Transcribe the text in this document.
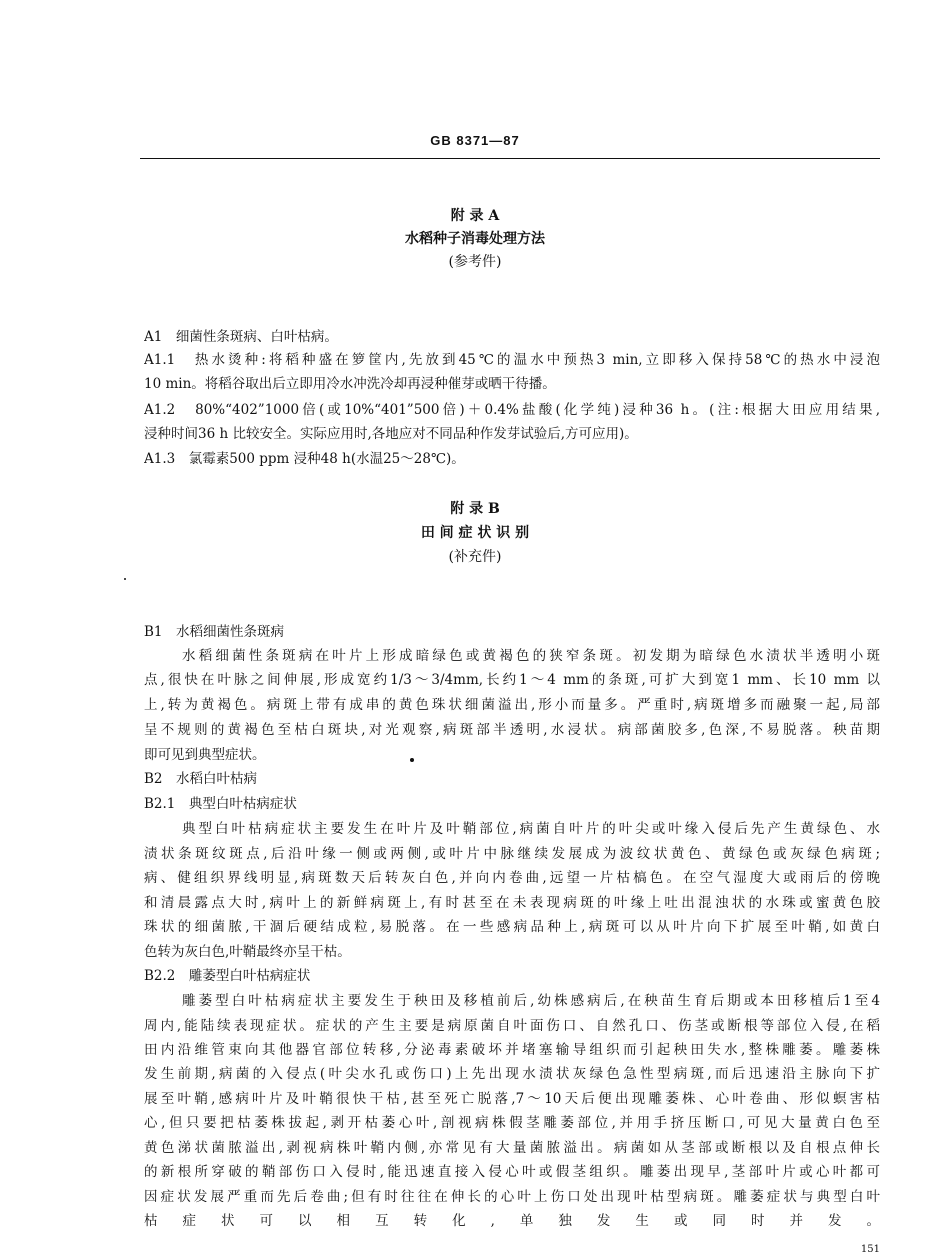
GB 8371—87
附 录 A
水稻种子消毒处理方法
(参考件)
A1　细菌性条斑病、白叶枯病。
A1.1　热水烫种:将稻种盛在箩筐内,先放到45℃的温水中预热3 min,立即移入保持58℃的热水中浸泡
10 min。将稻谷取出后立即用冷水冲洗冷却再浸种催芽或晒干待播。
A1.2　80%“402”1000倍(或10%“401”500倍)＋0.4%盐酸(化学纯)浸种36 h。(注:根据大田应用结果,
浸种时间36 h 比较安全。实际应用时,各地应对不同品种作发芽试验后,方可应用)。
A1.3　氯霉素500 ppm 浸种48 h(水温25～28℃)。
附 录 B
田 间 症 状 识 别
(补充件)
B1　水稻细菌性条斑病
水稻细菌性条斑病在叶片上形成暗绿色或黄褐色的狭窄条斑。初发期为暗绿色水渍状半透明小斑
点,很快在叶脉之间伸展,形成宽约1/3～3/4mm,长约1～4 mm的条斑,可扩大到宽1 mm、长10 mm 以
上,转为黄褐色。病斑上带有成串的黄色珠状细菌溢出,形小而量多。严重时,病斑增多而融聚一起,局部
呈不规则的黄褐色至枯白斑块,对光观察,病斑部半透明,水浸状。病部菌胶多,色深,不易脱落。秧苗期
即可见到典型症状。
B2　水稻白叶枯病
B2.1　典型白叶枯病症状
典型白叶枯病症状主要发生在叶片及叶鞘部位,病菌自叶片的叶尖或叶缘入侵后先产生黄绿色、水
渍状条斑纹斑点,后沿叶缘一侧或两侧,或叶片中脉继续发展成为波纹状黄色、黄绿色或灰绿色病斑;
病、健组织界线明显,病斑数天后转灰白色,并向内卷曲,远望一片枯槁色。在空气湿度大或雨后的傍晚
和清晨露点大时,病叶上的新鲜病斑上,有时甚至在未表现病斑的叶缘上吐出混浊状的水珠或蜜黄色胶
珠状的细菌脓,干涸后硬结成粒,易脱落。在一些感病品种上,病斑可以从叶片向下扩展至叶鞘,如黄白
色转为灰白色,叶鞘最终亦呈干枯。
B2.2　雕萎型白叶枯病症状
雕萎型白叶枯病症状主要发生于秧田及移植前后,幼株感病后,在秧苗生育后期或本田移植后1至4
周内,能陆续表现症状。症状的产生主要是病原菌自叶面伤口、自然孔口、伤茎或断根等部位入侵,在稻
田内沿维管束向其他器官部位转移,分泌毒素破坏并堵塞输导组织而引起秧田失水,整株雕萎。雕萎株
发生前期,病菌的入侵点(叶尖水孔或伤口)上先出现水渍状灰绿色急性型病斑,而后迅速沿主脉向下扩
展至叶鞘,感病叶片及叶鞘很快干枯,甚至死亡脱落,7～10天后便出现雕萎株、心叶卷曲、形似螟害枯
心,但只要把枯萎株拔起,剥开枯萎心叶,剖视病株假茎雕萎部位,并用手挤压断口,可见大量黄白色至
黄色涕状菌脓溢出,剥视病株叶鞘内侧,亦常见有大量菌脓溢出。病菌如从茎部或断根以及自根点伸长
的新根所穿破的鞘部伤口入侵时,能迅速直接入侵心叶或假茎组织。雕萎出现早,茎部叶片或心叶都可
因症状发展严重而先后卷曲;但有时往往在伸长的心叶上伤口处出现叶枯型病斑。雕萎症状与典型白叶
枯症状可以相互转化,单独发生或同时并发。
151
